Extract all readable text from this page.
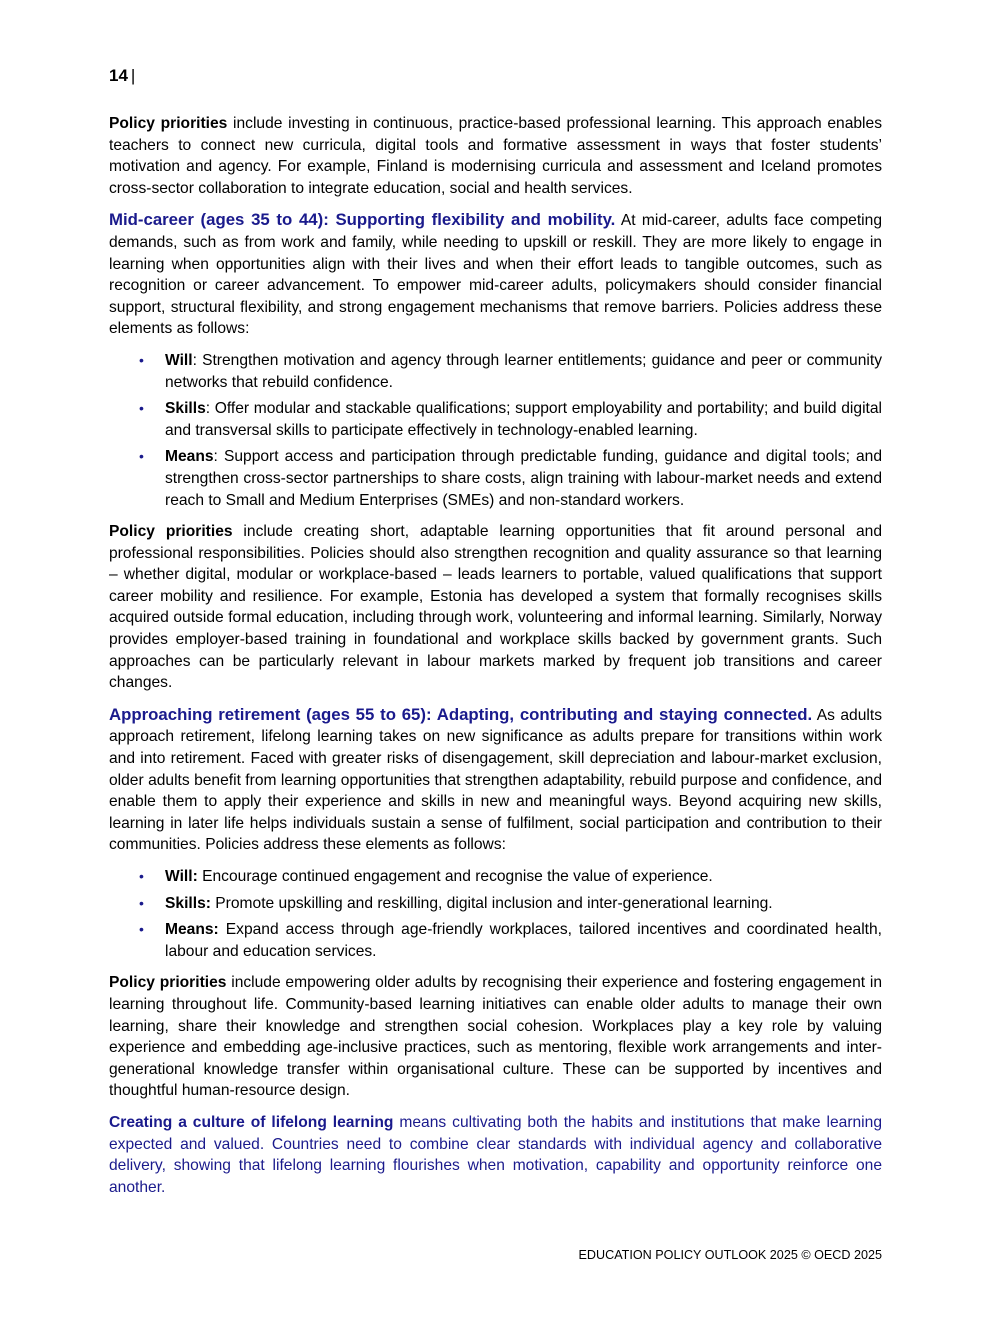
14 |

Policy priorities include investing in continuous, practice-based professional learning. This approach enables teachers to connect new curricula, digital tools and formative assessment in ways that foster students’ motivation and agency. For example, Finland is modernising curricula and assessment and Iceland promotes cross-sector collaboration to integrate education, social and health services.

Mid-career (ages 35 to 44): Supporting flexibility and mobility. At mid-career, adults face competing demands, such as from work and family, while needing to upskill or reskill. They are more likely to engage in learning when opportunities align with their lives and when their effort leads to tangible outcomes, such as recognition or career advancement. To empower mid-career adults, policymakers should consider financial support, structural flexibility, and strong engagement mechanisms that remove barriers. Policies address these elements as follows:

• Will: Strengthen motivation and agency through learner entitlements; guidance and peer or community networks that rebuild confidence.
• Skills: Offer modular and stackable qualifications; support employability and portability; and build digital and transversal skills to participate effectively in technology-enabled learning.
• Means: Support access and participation through predictable funding, guidance and digital tools; and strengthen cross-sector partnerships to share costs, align training with labour-market needs and extend reach to Small and Medium Enterprises (SMEs) and non-standard workers.

Policy priorities include creating short, adaptable learning opportunities that fit around personal and professional responsibilities. Policies should also strengthen recognition and quality assurance so that learning – whether digital, modular or workplace-based – leads learners to portable, valued qualifications that support career mobility and resilience. For example, Estonia has developed a system that formally recognises skills acquired outside formal education, including through work, volunteering and informal learning. Similarly, Norway provides employer-based training in foundational and workplace skills backed by government grants. Such approaches can be particularly relevant in labour markets marked by frequent job transitions and career changes.

Approaching retirement (ages 55 to 65): Adapting, contributing and staying connected. As adults approach retirement, lifelong learning takes on new significance as adults prepare for transitions within work and into retirement. Faced with greater risks of disengagement, skill depreciation and labour-market exclusion, older adults benefit from learning opportunities that strengthen adaptability, rebuild purpose and confidence, and enable them to apply their experience and skills in new and meaningful ways. Beyond acquiring new skills, learning in later life helps individuals sustain a sense of fulfilment, social participation and contribution to their communities. Policies address these elements as follows:

• Will: Encourage continued engagement and recognise the value of experience.
• Skills: Promote upskilling and reskilling, digital inclusion and inter-generational learning.
• Means: Expand access through age-friendly workplaces, tailored incentives and coordinated health, labour and education services.

Policy priorities include empowering older adults by recognising their experience and fostering engagement in learning throughout life. Community-based learning initiatives can enable older adults to manage their own learning, share their knowledge and strengthen social cohesion. Workplaces play a key role by valuing experience and embedding age-inclusive practices, such as mentoring, flexible work arrangements and inter-generational knowledge transfer within organisational culture. These can be supported by incentives and thoughtful human-resource design.

Creating a culture of lifelong learning means cultivating both the habits and institutions that make learning expected and valued. Countries need to combine clear standards with individual agency and collaborative delivery, showing that lifelong learning flourishes when motivation, capability and opportunity reinforce one another.

EDUCATION POLICY OUTLOOK 2025 © OECD 2025
